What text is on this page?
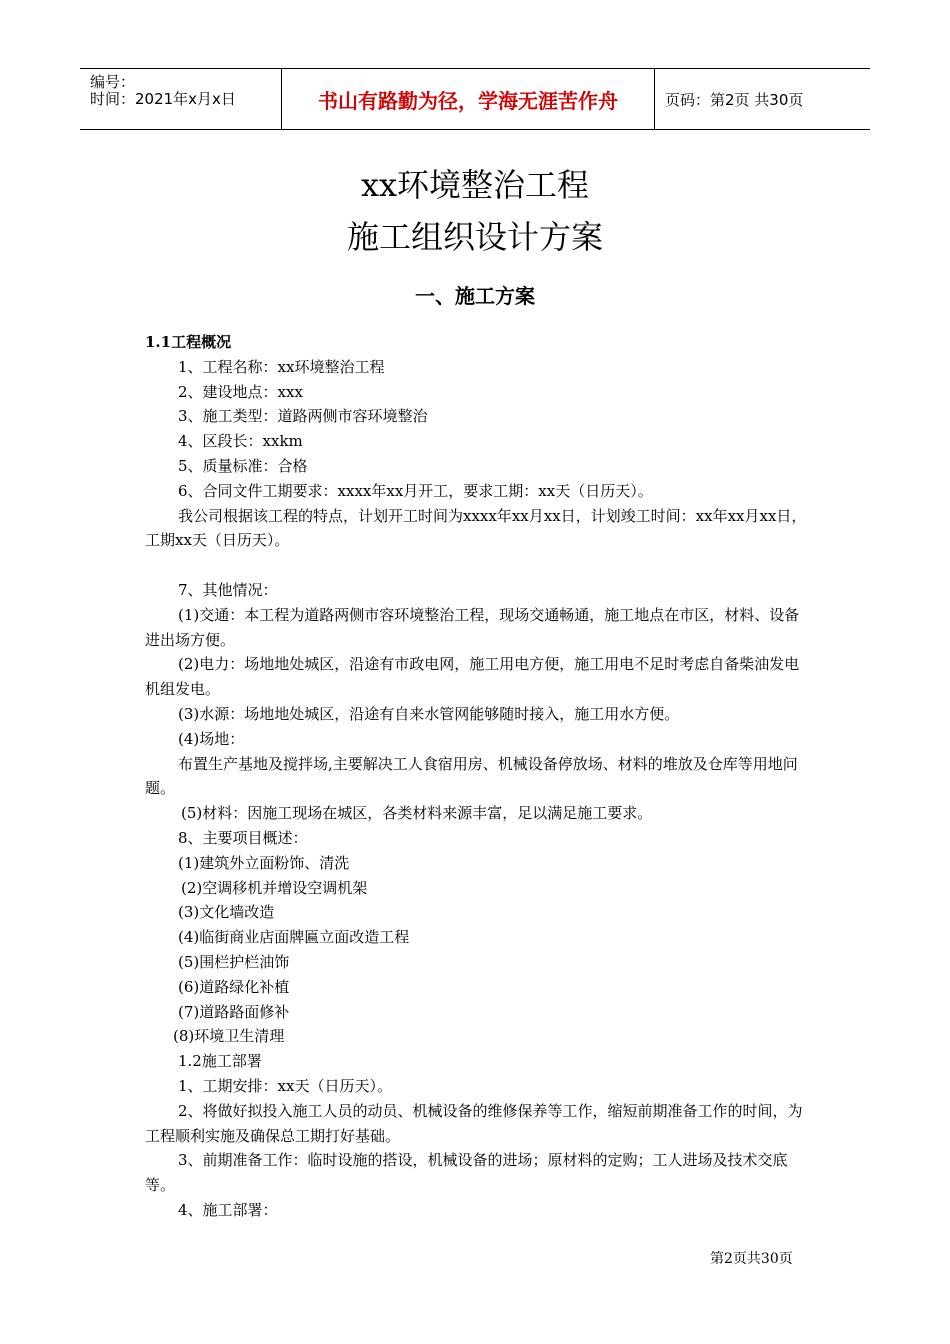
编号：
时间：2021年x月x日	书山有路勤为径，学海无涯苦作舟	页码：第2页 共30页
xx环境整治工程
施工组织设计方案
一、施工方案

1.1工程概况

1、工程名称：xx环境整治工程

2、建设地点：xxx

3、施工类型：道路两侧市容环境整治

4、区段长：xxkm

5、质量标准：合格

6、合同文件工期要求：xxxx年xx月开工，要求工期：xx天（日历天）。

我公司根据该工程的特点，计划开工时间为xxxx年xx月xx日，计划竣工时间：xx年xx月xx日，工期xx天（日历天）。

7、其他情况：

(1)交通：本工程为道路两侧市容环境整治工程，现场交通畅通，施工地点在市区，材料、设备进出场方便。

(2)电力：场地地处城区，沿途有市政电网，施工用电方便，施工用电不足时考虑自备柴油发电机组发电。

(3)水源：场地地处城区，沿途有自来水管网能够随时接入，施工用水方便。

(4)场地：

布置生产基地及搅拌场,主要解决工人食宿用房、机械设备停放场、材料的堆放及仓库等用地问题。

(5)材料：因施工现场在城区，各类材料来源丰富，足以满足施工要求。

8、主要项目概述：

(1)建筑外立面粉饰、清洗

(2)空调移机并增设空调机架

(3)文化墙改造

(4)临街商业店面牌匾立面改造工程

(5)围栏护栏油饰

(6)道路绿化补植

(7)道路路面修补

(8)环境卫生清理

1.2施工部署

1、工期安排：xx天（日历天）。

2、将做好拟投入施工人员的动员、机械设备的维修保养等工作，缩短前期准备工作的时间，为工程顺利实施及确保总工期打好基础。

3、前期准备工作：临时设施的搭设，机械设备的进场；原材料的定购；工人进场及技术交底等。

4、施工部署：

第2页共30页
